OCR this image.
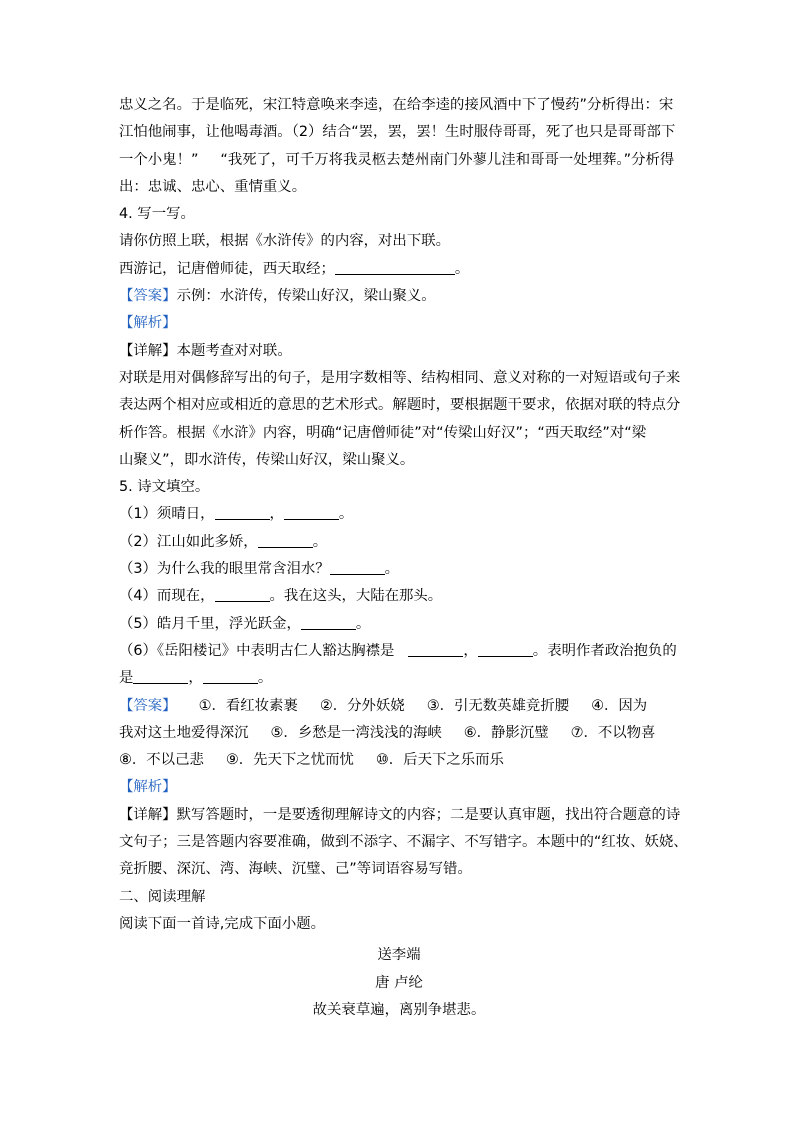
忠义之名。于是临死，宋江特意唤来李逵，在给李逵的接风酒中下了慢药”分析得出：宋
江怕他闹事，让他喝毒酒。（2）结合“罢，罢，罢！生时服侍哥哥，死了也只是哥哥部下
一个小鬼！” “我死了，可千万将我灵柩去楚州南门外蓼儿洼和哥哥一处埋葬。”分析得
出：忠诚、忠心、重情重义。
4. 写一写。
请你仿照上联，根据《水浒传》的内容，对出下联。
西游记，记唐僧师徒，西天取经；	。
【答案】示例：水浒传，传梁山好汉，梁山聚义。
【解析】
【详解】本题考查对对联。
对联是用对偶修辞写出的句子，是用字数相等、结构相同、意义对称的一对短语或句子来
表达两个相对应或相近的意思的艺术形式。解题时，要根据题干要求，依据对联的特点分
析作答。根据《水浒》内容，明确“记唐僧师徒”对“传梁山好汉”；“西天取经”对“梁
山聚义”，即水浒传，传梁山好汉，梁山聚义。
5. 诗文填空。
（1）须晴日，	，	。
（2）江山如此多娇，	。
（3）为什么我的眼里常含泪水？	。
（4）而现在，	。我在这头，大陆在那头。
（5）皓月千里，浮光跃金，	。
（6）《岳阳楼记》中表明古仁人豁达胸襟是	，	。表明作者政治抱负的
是	，	。
【答案】 ①．看红妆素裹 ②．分外妖娆 ③．引无数英雄竞折腰 ④．因为
我对这土地爱得深沉 ⑤．乡愁是一湾浅浅的海峡 ⑥．静影沉璧 ⑦．不以物喜
⑧．不以己悲 ⑨．先天下之忧而忧 ⑩．后天下之乐而乐
【解析】
【详解】默写答题时，一是要透彻理解诗文的内容；二是要认真审题，找出符合题意的诗
文句子；三是答题内容要准确，做到不添字、不漏字、不写错字。本题中的“红妆、妖娆、
竞折腰、深沉、湾、海峡、沉璧、己”等词语容易写错。
二、阅读理解
阅读下面一首诗,完成下面小题。
送李端
唐 卢纶
故关衰草遍，离别争堪悲。
